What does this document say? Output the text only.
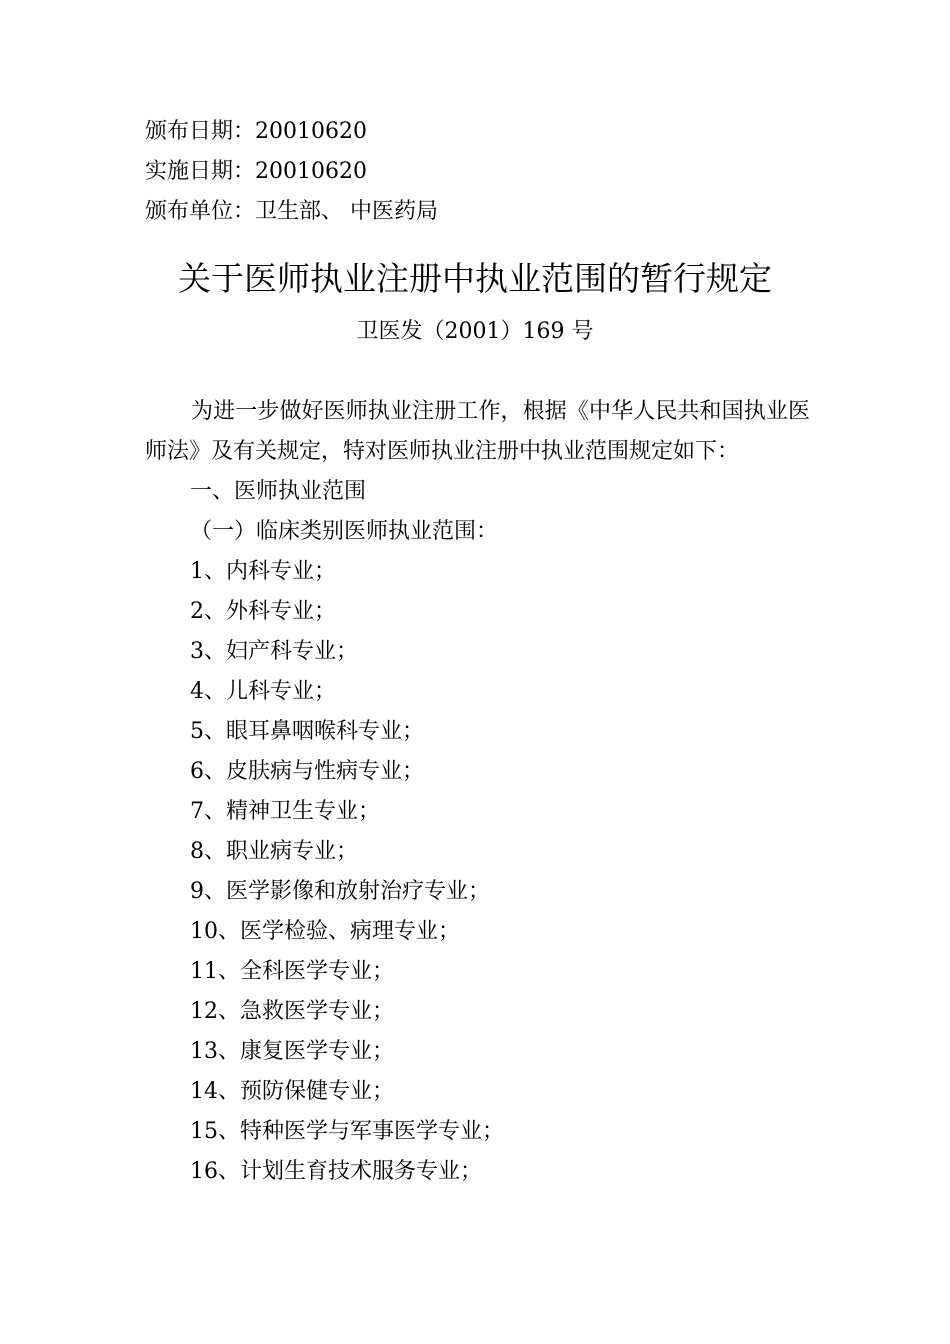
颁布日期：20010620
实施日期：20010620
颁布单位：卫生部、 中医药局
关于医师执业注册中执业范围的暂行规定
卫医发（2001）169 号
为进一步做好医师执业注册工作，根据《中华人民共和国执业医师法》及有关规定，特对医师执业注册中执业范围规定如下：
一、医师执业范围
（一）临床类别医师执业范围：
1、内科专业；
2、外科专业；
3、妇产科专业；
4、儿科专业；
5、眼耳鼻咽喉科专业；
6、皮肤病与性病专业；
7、精神卫生专业；
8、职业病专业；
9、医学影像和放射治疗专业；
10、医学检验、病理专业；
11、全科医学专业；
12、急救医学专业；
13、康复医学专业；
14、预防保健专业；
15、特种医学与军事医学专业；
16、计划生育技术服务专业；
